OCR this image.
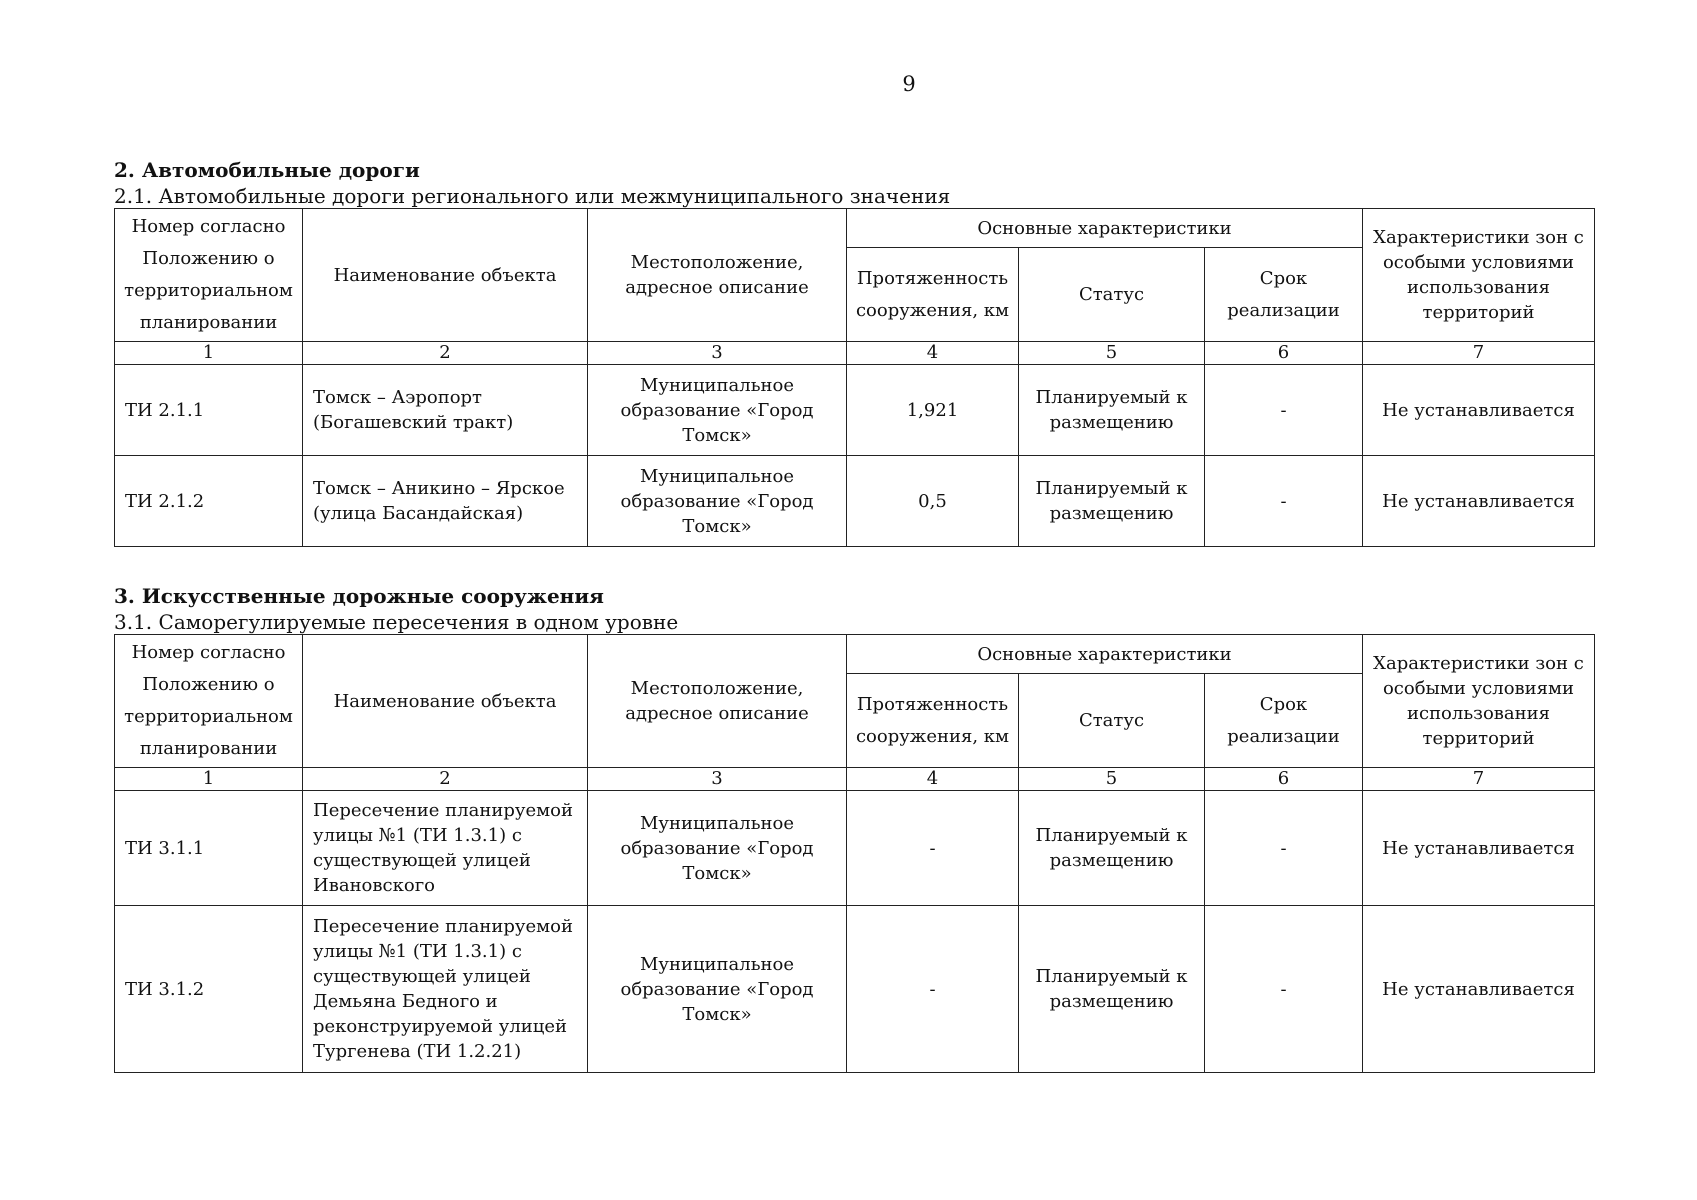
9
2. Автомобильные дороги
2.1. Автомобильные дороги регионального или межмуниципального значения
Номер согласно Положению о территориальном планировании	Наименование объекта	Местоположение, адресное описание	Основные характеристики			Характеристики зон с особыми условиями использования территорий
			Протяженность сооружения, км	Статус	Срок реализации	
1	2	3	4	5	6	7
ТИ 2.1.1	Томск – Аэропорт (Богашевский тракт)	Муниципальное образование «Город Томск»	1,921	Планируемый к размещению	-	Не устанавливается
ТИ 2.1.2	Томск – Аникино – Ярское (улица Басандайская)	Муниципальное образование «Город Томск»	0,5	Планируемый к размещению	-	Не устанавливается
3. Искусственные дорожные сооружения
3.1. Саморегулируемые пересечения в одном уровне
Номер согласно Положению о территориальном планировании	Наименование объекта	Местоположение, адресное описание	Основные характеристики			Характеристики зон с особыми условиями использования территорий
			Протяженность сооружения, км	Статус	Срок реализации	
1	2	3	4	5	6	7
ТИ 3.1.1	Пересечение планируемой улицы №1 (ТИ 1.3.1) с существующей улицей Ивановского	Муниципальное образование «Город Томск»	-	Планируемый к размещению	-	Не устанавливается
ТИ 3.1.2	Пересечение планируемой улицы №1 (ТИ 1.3.1) с существующей улицей Демьяна Бедного и реконструируемой улицей Тургенева (ТИ 1.2.21)	Муниципальное образование «Город Томск»	-	Планируемый к размещению	-	Не устанавливается
